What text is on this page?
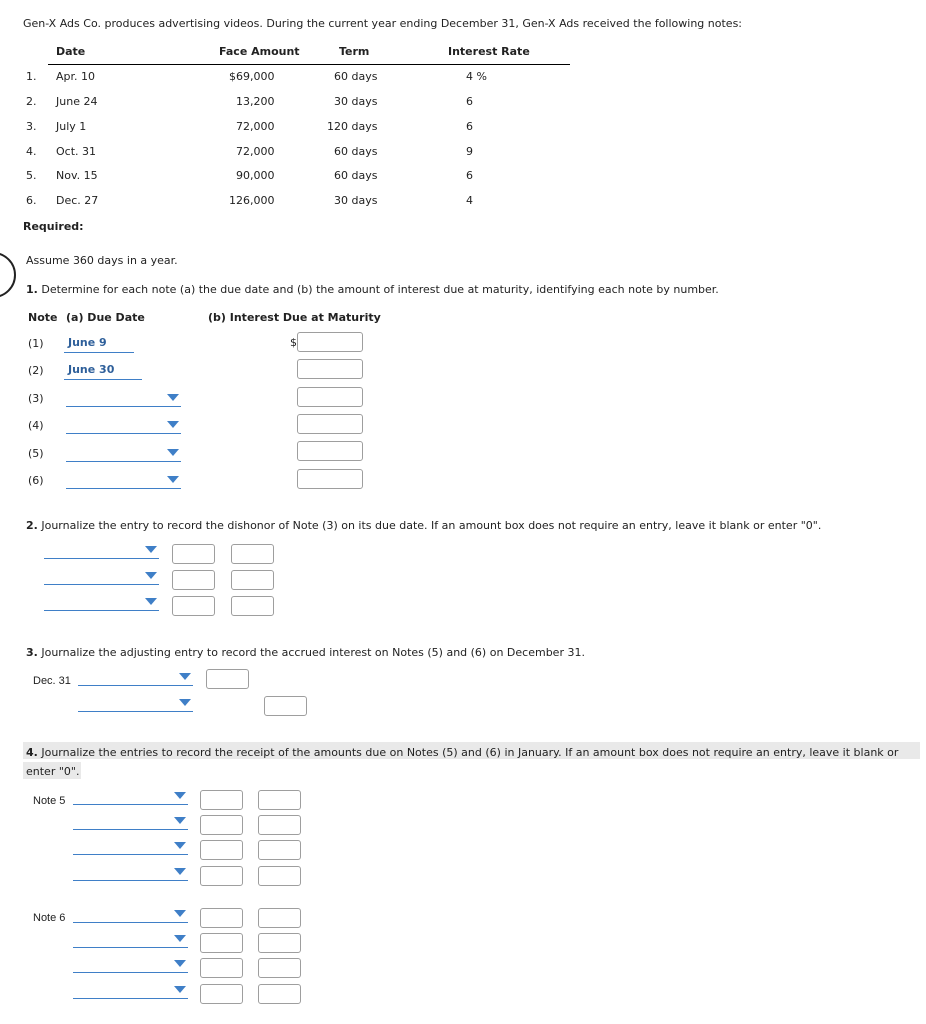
Gen-X Ads Co. produces advertising videos. During the current year ending December 31, Gen-X Ads received the following notes:
Date	Face Amount	Term	Interest Rate
1. Apr. 10	$69,000	60 days	4 %
2. June 24	13,200	30 days	6
3. July 1	72,000	120 days	6
4. Oct. 31	72,000	60 days	9
5. Nov. 15	90,000	60 days	6
6. Dec. 27	126,000	30 days	4
Required:
Assume 360 days in a year.
1. Determine for each note (a) the due date and (b) the amount of interest due at maturity, identifying each note by number.
Note (a) Due Date	(b) Interest Due at Maturity
(1) June 9	$
(2) June 30
(3)
(4)
(5)
(6)
2. Journalize the entry to record the dishonor of Note (3) on its due date. If an amount box does not require an entry, leave it blank or enter "0".
3. Journalize the adjusting entry to record the accrued interest on Notes (5) and (6) on December 31.
Dec. 31
4. Journalize the entries to record the receipt of the amounts due on Notes (5) and (6) in January. If an amount box does not require an entry, leave it blank or
enter "0".
Note 5
Note 6
